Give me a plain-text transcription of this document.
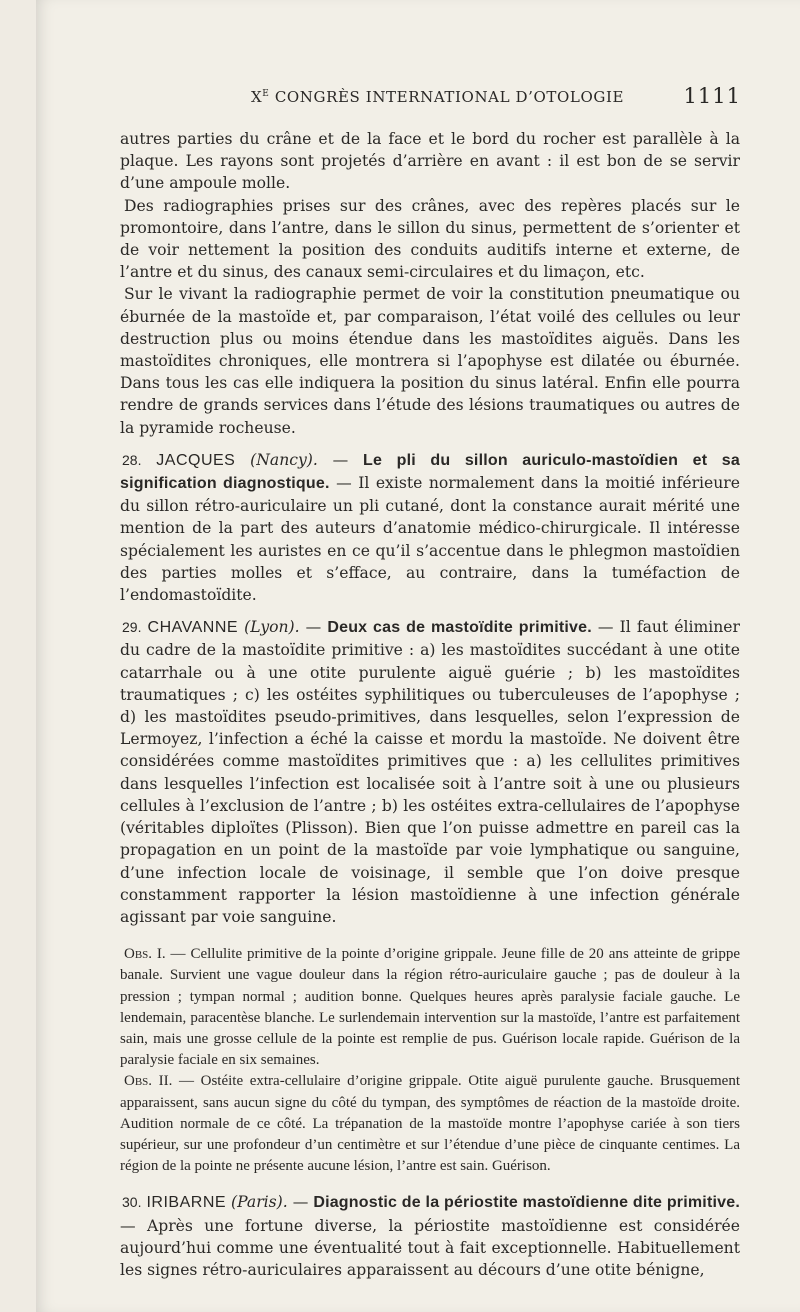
$X^E$ CONGRÈS INTERNATIONAL D’OTOLOGIE	1111

autres parties du crâne et de la face et le bord du rocher est parallèle à la plaque. Les rayons sont projetés d’arrière en avant : il est bon de se servir d’une ampoule molle.

Des radiographies prises sur des crânes, avec des repères placés sur le promontoire, dans l’antre, dans le sillon du sinus, permettent de s’orienter et de voir nettement la position des conduits auditifs interne et externe, de l’antre et du sinus, des canaux semi-circulaires et du limaçon, etc.

Sur le vivant la radiographie permet de voir la constitution pneumatique ou éburnée de la mastoïde et, par comparaison, l’état voilé des cellules ou leur destruction plus ou moins étendue dans les mastoïdites aiguës. Dans les mastoïdites chroniques, elle montrera si l’apophyse est dilatée ou éburnée. Dans tous les cas elle indiquera la position du sinus latéral. Enfin elle pourra rendre de grands services dans l’étude des lésions traumatiques ou autres de la pyramide rocheuse.

28. JACQUES (Nancy). — Le pli du sillon auriculo-mastoïdien et sa signification diagnostique. — Il existe normalement dans la moitié inférieure du sillon rétro-auriculaire un pli cutané, dont la constance aurait mérité une mention de la part des auteurs d’anatomie médico-chirurgicale. Il intéresse spécialement les auristes en ce qu’il s’accentue dans le phlegmon mastoïdien des parties molles et s’efface, au contraire, dans la tuméfaction de l’endomastoïdite.

29. CHAVANNE (Lyon). — Deux cas de mastoïdite primitive. — Il faut éliminer du cadre de la mastoïdite primitive : a) les mastoïdites succédant à une otite catarrhale ou à une otite purulente aiguë guérie ; b) les mastoïdites traumatiques ; c) les ostéites syphilitiques ou tuberculeuses de l’apophyse ; d) les mastoïdites pseudo-primitives, dans lesquelles, selon l’expression de Lermoyez, l’infection a éché la caisse et mordu la mastoïde. Ne doivent être considérées comme mastoïdites primitives que : a) les cellulites primitives dans lesquelles l’infection est localisée soit à l’antre soit à une ou plusieurs cellules à l’exclusion de l’antre ; b) les ostéites extra-cellulaires de l’apophyse (véritables diploïtes (Plisson). Bien que l’on puisse admettre en pareil cas la propagation en un point de la mastoïde par voie lymphatique ou sanguine, d’une infection locale de voisinage, il semble que l’on doive presque constamment rapporter la lésion mastoïdienne à une infection générale agissant par voie sanguine.

Obs. I. — Cellulite primitive de la pointe d’origine grippale. Jeune fille de 20 ans atteinte de grippe banale. Survient une vague douleur dans la région rétro-auriculaire gauche ; pas de douleur à la pression ; tympan normal ; audition bonne. Quelques heures après paralysie faciale gauche. Le lendemain, paracentèse blanche. Le surlendemain intervention sur la mastoïde, l’antre est parfaitement sain, mais une grosse cellule de la pointe est remplie de pus. Guérison locale rapide. Guérison de la paralysie faciale en six semaines.

Obs. II. — Ostéite extra-cellulaire d’origine grippale. Otite aiguë purulente gauche. Brusquement apparaissent, sans aucun signe du côté du tympan, des symptômes de réaction de la mastoïde droite. Audition normale de ce côté. La trépanation de la mastoïde montre l’apophyse cariée à son tiers supérieur, sur une profondeur d’un centimètre et sur l’étendue d’une pièce de cinquante centimes. La région de la pointe ne présente aucune lésion, l’antre est sain. Guérison.

30. IRIBARNE (Paris). — Diagnostic de la périostite mastoïdienne dite primitive. — Après une fortune diverse, la périostite mastoïdienne est considérée aujourd’hui comme une éventualité tout à fait exceptionnelle. Habituellement les signes rétro-auriculaires apparaissent au décours d’une otite bénigne,
